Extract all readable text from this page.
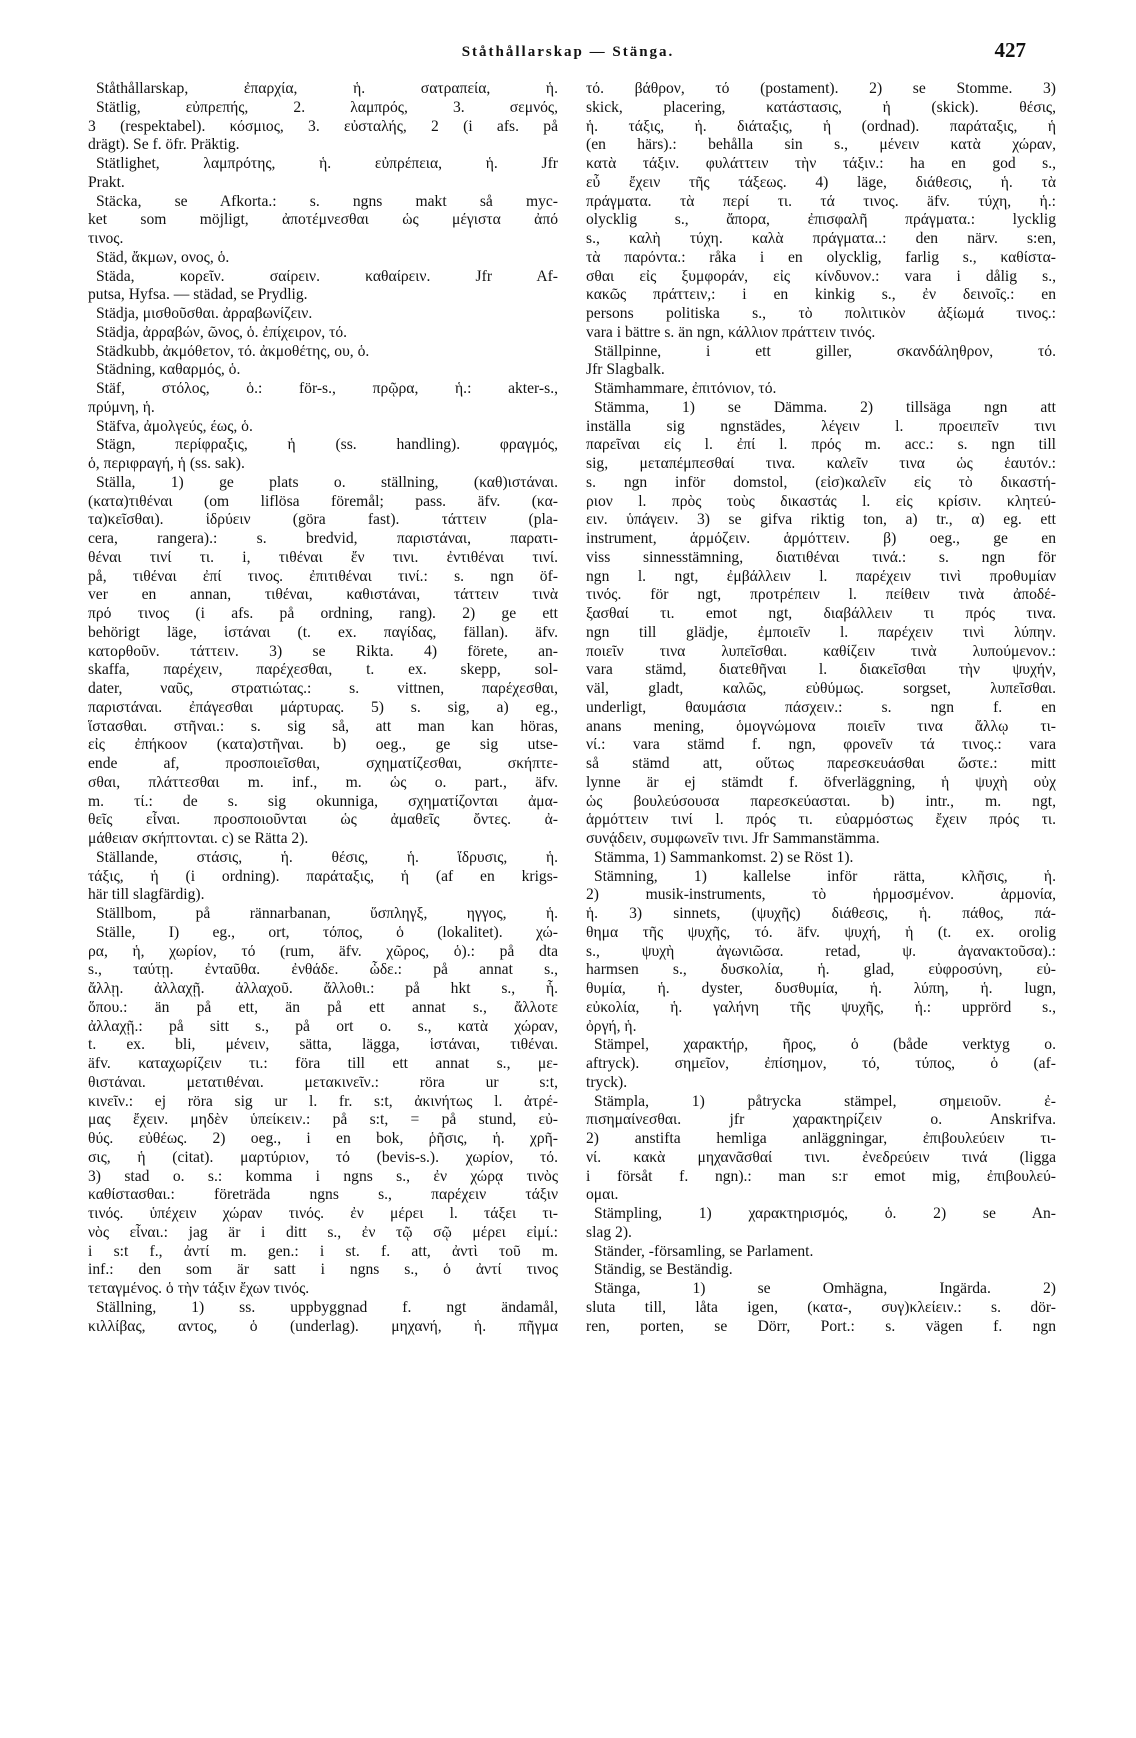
Ståthållarskap — Stänga.	427
Ståthållarskap, ἐπαρχία, ἡ. σατραπεία, ἡ.
Stätlig, εὐπρεπής, 2. λαμπρός, 3. σεμνός,
3 (respektabel). κόσμιος, 3. εὐσταλής, 2 (i afs. på
drägt). Se f. öfr. Präktig.
Stätlighet, λαμπρότης, ἡ. εὐπρέπεια, ἡ. Jfr
Prakt.
Stäcka, se Afkorta.: s. ngns makt så myc-
ket som möjligt, ἀποτέμνεσθαι ὡς μέγιστα ἀπό
τινος.
Städ, ἄκμων, ονος, ὁ.
Städa, κορεῖν. σαίρειν. καθαίρειν. Jfr Af-
putsa, Hyfsa. — städad, se Prydlig.
Städja, μισθοῦσθαι. ἀρραβωνίζειν.
Städja, ἀρραβών, ῶνος, ὁ. ἐπίχειρον, τό.
Städkubb, ἀκμόθετον, τό. ἀκμοθέτης, ου, ὁ.
Städning, καθαρμός, ὁ.
Stäf, στόλος, ὁ.: för-s., πρῷρα, ἡ.: akter-s.,
πρύμνη, ἡ.
Stäfva, ἀμολγεύς, έως, ὁ.
Stägn, περίφραξις, ἡ (ss. handling). φραγμός,
ὁ, περιφραγή, ἡ (ss. sak).
Ställa, 1) ge plats o. ställning, (καθ)ιστάναι.
(κατα)τιθέναι (om liflösa föremål; pass. äfv. (κα-
τα)κεῖσθαι). ἱδρύειν (göra fast). τάττειν (pla-
cera, rangera).: s. bredvid, παριστάναι, παρατι-
θέναι τινί τι. i, τιθέναι ἔν τινι. ἐντιθέναι τινί.
på, τιθέναι ἐπί τινος. ἐπιτιθέναι τινί.: s. ngn öf-
ver en annan, τιθέναι, καθιστάναι, τάττειν τινὰ
πρό τινος (i afs. på ordning, rang). 2) ge ett
behörigt läge, ἱστάναι (t. ex. παγίδας, fällan). äfv.
κατορθοῦν. τάττειν. 3) se Rikta. 4) förete, an-
skaffa, παρέχειν, παρέχεσθαι, t. ex. skepp, sol-
dater, ναῦς, στρατιώτας.: s. vittnen, παρέχεσθαι,
παριστάναι. ἐπάγεσθαι μάρτυρας. 5) s. sig, a) eg.,
ἵστασθαι. στῆναι.: s. sig så, att man kan höras,
εἰς ἐπήκοον (κατα)στῆναι. b) oeg., ge sig utse-
ende af, προσποιεῖσθαι, σχηματίζεσθαι, σκήπτε-
σθαι, πλάττεσθαι m. inf., m. ὡς o. part., äfv.
m. τί.: de s. sig okunniga, σχηματίζονται ἀμα-
θεῖς εἶναι. προσποιοῦνται ὡς ἀμαθεῖς ὄντες. ἀ-
μάθειαν σκήπτονται. c) se Rätta 2).
Ställande, στάσις, ἡ. θέσις, ἡ. ἵδρυσις, ἡ.
τάξις, ἡ (i ordning). παράταξις, ἡ (af en krigs-
här till slagfärdig).
Ställbom, på rännarbanan, ὕσπληγξ, ηγγος, ἡ.
Ställe, I) eg., ort, τόπος, ὁ (lokalitet). χώ-
ρα, ἡ, χωρίον, τό (rum, äfv. χῶρος, ὁ).: på dta
s., ταύτῃ. ἐνταῦθα. ἐνθάδε. ὧδε.: på annat s.,
ἄλλῃ. ἀλλαχῇ. ἀλλαχοῦ. ἄλλοθι.: på hkt s., ἧ.
ὅπου.: än på ett, än på ett annat s., ἄλλοτε
ἀλλαχῇ.: på sitt s., på ort o. s., κατὰ χώραν,
t. ex. bli, μένειν, sätta, lägga, ἱστάναι, τιθέναι.
äfv. καταχωρίζειν τι.: föra till ett annat s., με-
θιστάναι. μετατιθέναι. μετακινεῖν.: röra ur s:t,
κινεῖν.: ej röra sig ur l. fr. s:t, ἀκινήτως l. ἀτρέ-
μας ἔχειν. μηδὲν ὑπείκειν.: på s:t, = på stund, εὐ-
θύς. εὐθέως. 2) oeg., i en bok, ῥῆσις, ἡ. χρῆ-
σις, ἡ (citat). μαρτύριον, τό (bevis-s.). χωρίον, τό.
3) stad o. s.: komma i ngns s., ἐν χώρᾳ τινὸς
καθίστασθαι.: företräda ngns s., παρέχειν τάξιν
τινός. ὑπέχειν χώραν τινός. ἐν μέρει l. τάξει τι-
νὸς εἶναι.: jag är i ditt s., ἐν τῷ σῷ μέρει εἰμί.:
i s:t f., ἀντί m. gen.: i st. f. att, ἀντὶ τοῦ m.
inf.: den som är satt i ngns s., ὁ ἀντί τινος
τεταγμένος. ὁ τὴν τάξιν ἔχων τινός.
Ställning, 1) ss. uppbyggnad f. ngt ändamål,
κιλλίβας, αντος, ὁ (underlag). μηχανή, ἡ. πῆγμα
τό. βάθρον, τό (postament). 2) se Stomme. 3)
skick, placering, κατάστασις, ἡ (skick). θέσις,
ἡ. τάξις, ἡ. διάταξις, ἡ (ordnad). παράταξις, ἡ
(en härs).: behålla sin s., μένειν κατὰ χώραν,
κατὰ τάξιν. φυλάττειν τὴν τάξιν.: ha en god s.,
εὖ ἔχειν τῆς τάξεως. 4) läge, διάθεσις, ἡ. τὰ
πράγματα. τὰ περί τι. τά τινος. äfv. τύχη, ἡ.:
olycklig s., ἄπορα, ἐπισφαλῆ πράγματα.: lycklig
s., καλὴ τύχη. καλὰ πράγματα..: den närv. s:en,
τὰ παρόντα.: råka i en olycklig, farlig s., καθίστα-
σθαι εἰς ξυμφοράν, εἰς κίνδυνον.: vara i dålig s.,
κακῶς πράττειν,: i en kinkig s., ἐν δεινοῖς.: en
persons politiska s., τὸ πολιτικὸν ἀξίωμά τινος.:
vara i bättre s. än ngn, κάλλιον πράττειν τινός.
Ställpinne, i ett giller, σκανδάληθρον, τό.
Jfr Slagbalk.
Stämhammare, ἐπιτόνιον, τό.
Stämma, 1) se Dämma. 2) tillsäga ngn att
inställa sig ngnstädes, λέγειν l. προειπεῖν τινι
παρεῖναι εἰς l. ἐπί l. πρός m. acc.: s. ngn till
sig, μεταπέμπεσθαί τινα. καλεῖν τινα ὡς ἑαυτόν.:
s. ngn inför domstol, (εἰσ)καλεῖν εἰς τὸ δικαστή-
ριον l. πρὸς τοὺς δικαστάς l. εἰς κρίσιν. κλητεύ-
ειν. ὑπάγειν. 3) se gifva riktig ton, a) tr., α) eg. ett
instrument, ἁρμόζειν. ἁρμόττειν. β) oeg., ge en
viss sinnesstämning, διατιθέναι τινά.: s. ngn för
ngn l. ngt, ἐμβάλλειν l. παρέχειν τινὶ προθυμίαν
τινός. för ngt, προτρέπειν l. πείθειν τινὰ ἀποδέ-
ξασθαί τι. emot ngt, διαβάλλειν τι πρός τινα.
ngn till glädje, ἐμποιεῖν l. παρέχειν τινὶ λύπην.
ποιεῖν τινα λυπεῖσθαι. καθίζειν τινὰ λυπούμενον.:
vara stämd, διατεθῆναι l. διακεῖσθαι τὴν ψυχήν,
väl, gladt, καλῶς, εὐθύμως. sorgset, λυπεῖσθαι.
underligt, θαυμάσια πάσχειν.: s. ngn f. en
anans mening, ὁμογνώμονα ποιεῖν τινα ἄλλῳ τι-
νί.: vara stämd f. ngn, φρονεῖν τά τινος.: vara
så stämd att, οὕτως παρεσκευάσθαι ὥστε.: mitt
lynne är ej stämdt f. öfverläggning, ἡ ψυχὴ οὐχ
ὡς βουλεύσουσα παρεσκεύασται. b) intr., m. ngt,
ἁρμόττειν τινί l. πρός τι. εὐαρμόστως ἔχειν πρός τι.
συνᾴδειν, συμφωνεῖν τινι. Jfr Sammanstämma.
Stämma, 1) Sammankomst. 2) se Röst 1).
Stämning, 1) kallelse inför rätta, κλῆσις, ἡ.
2) musik-instruments, τὸ ἡρμοσμένον. ἁρμονία,
ἡ. 3) sinnets, (ψυχῆς) διάθεσις, ἡ. πάθος, πά-
θημα τῆς ψυχῆς, τό. äfv. ψυχή, ἡ (t. ex. orolig
s., ψυχὴ ἀγωνιῶσα. retad, ψ. ἀγανακτοῦσα).:
harmsen s., δυσκολία, ἡ. glad, εὐφροσύνη, εὐ-
θυμία, ἡ. dyster, δυσθυμία, ἡ. λύπη, ἡ. lugn,
εὐκολία, ἡ. γαλήνη τῆς ψυχῆς, ἡ.: upprörd s.,
ὀργή, ἡ.
Stämpel, χαρακτήρ, ῆρος, ὁ (både verktyg o.
aftryck). σημεῖον, ἐπίσημον, τό, τύπος, ὁ (af-
tryck).
Stämpla, 1) påtrycka stämpel, σημειοῦν. ἐ-
πισημαίνεσθαι. jfr χαρακτηρίζειν o. Anskrifva.
2) anstifta hemliga anläggningar, ἐπιβουλεύειν τι-
νί. κακὰ μηχανᾶσθαί τινι. ἐνεδρεύειν τινά (ligga
i försåt f. ngn).: man s:r emot mig, ἐπιβουλεύ-
ομαι.
Stämpling, 1) χαρακτηρισμός, ὁ. 2) se An-
slag 2).
Ständer, -församling, se Parlament.
Ständig, se Beständig.
Stänga, 1) se Omhägna, Ingärda. 2)
sluta till, låta igen, (κατα-, συγ)κλείειν.: s. dör-
ren, porten, se Dörr, Port.: s. vägen f. ngn
